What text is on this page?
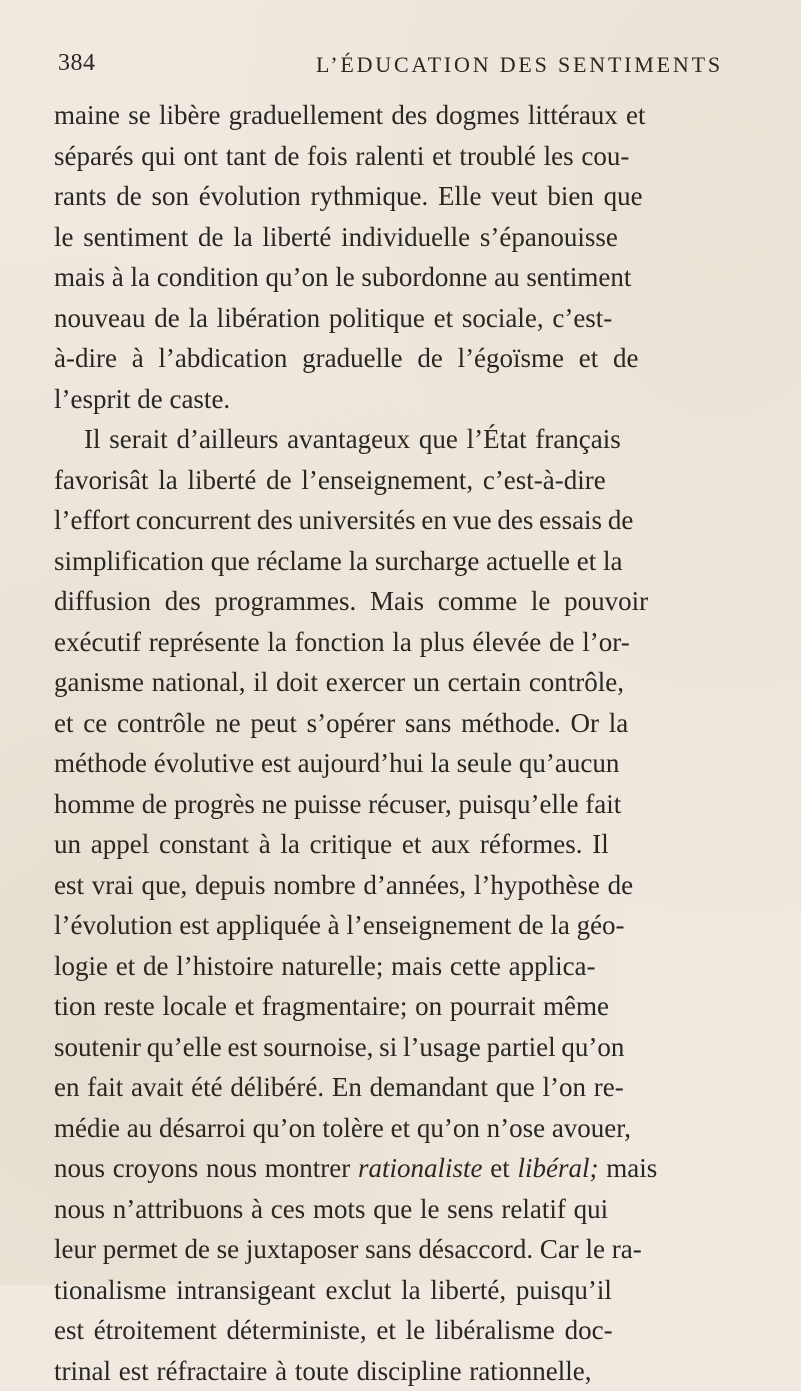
384	L’ÉDUCATION DES SENTIMENTS
maine se libère graduellement des dogmes littéraux et
séparés qui ont tant de fois ralenti et troublé les cou-
rants de son évolution rythmique. Elle veut bien que
le sentiment de la liberté individuelle s’épanouisse
mais à la condition qu’on le subordonne au sentiment
nouveau de la libération politique et sociale, c’est-
à-dire à l’abdication graduelle de l’égoïsme et de
l’esprit de caste.
Il serait d’ailleurs avantageux que l’État français
favorisât la liberté de l’enseignement, c’est-à-dire
l’effort concurrent des universités en vue des essais de
simplification que réclame la surcharge actuelle et la
diffusion des programmes. Mais comme le pouvoir
exécutif représente la fonction la plus élevée de l’or-
ganisme national, il doit exercer un certain contrôle,
et ce contrôle ne peut s’opérer sans méthode. Or la
méthode évolutive est aujourd’hui la seule qu’aucun
homme de progrès ne puisse récuser, puisqu’elle fait
un appel constant à la critique et aux réformes. Il
est vrai que, depuis nombre d’années, l’hypothèse de
l’évolution est appliquée à l’enseignement de la géo-
logie et de l’histoire naturelle; mais cette applica-
tion reste locale et fragmentaire; on pourrait même
soutenir qu’elle est sournoise, si l’usage partiel qu’on
en fait avait été délibéré. En demandant que l’on re-
médie au désarroi qu’on tolère et qu’on n’ose avouer,
nous croyons nous montrer rationaliste et libéral; mais
nous n’attribuons à ces mots que le sens relatif qui
leur permet de se juxtaposer sans désaccord. Car le ra-
tionalisme intransigeant exclut la liberté, puisqu’il
est étroitement déterministe, et le libéralisme doc-
trinal est réfractaire à toute discipline rationnelle,
